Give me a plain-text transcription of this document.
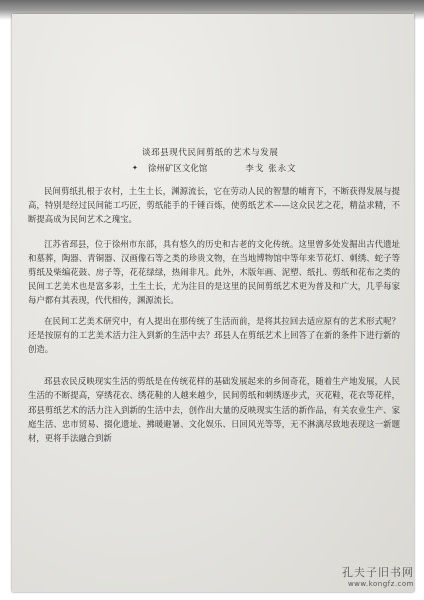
谈邳县现代民间剪纸的艺术与发展
✦ 徐州矿区文化馆	李戈 张永文

民间剪纸扎根于农村，土生土长，渊源流长，它在劳动人民的智慧的哺育下，不断获得发展与提高，特别是经过民间能工巧匠，剪纸能手的千锤百炼，使剪纸艺术——这众民艺之花，精益求精，不断提高成为民间艺术之瑰宝。

江苏省邳县，位于徐州市东部，具有悠久的历史和古老的文化传统。这里曾多处发掘出古代遗址和墓葬，陶器、青铜器、汉画像石等之类的珍贵文物，在当地博物馆中等年来节花灯、刺绣、蛇子等剪纸及柴编花鼓、房子等，花花绿绿，热闹非凡。此外，木版年画、泥塑、纸扎、剪纸和花布之类的民间工艺美术也是富多彩，土生土长，尤为注目的是这里的民间剪纸艺术更为普及和广大，几乎每家每户都有其表现，代代相传，渊源流长。

在民间工艺美术研究中，有人提出在那传统了生活而前，是将其拉回去适应原有的艺术形式呢？还是按原有的工艺美术活力注入到新的生活中去？邳县人在剪纸艺术上回答了在新的条件下进行新的创造。

邳县农民反映现实生活的剪纸是在传统花样的基础发展起来的乡间奇花，随着生产地发展，人民生活的不断提高，穿绣花衣、绣花鞋的人越来越少，民间剪纸和刺绣逐步式，灭花鞋，花衣等花样，邳县剪纸艺术的活力注入到新的生活中去，创作出大量的反映现实生活的新作品，有关农业生产、家庭生活、忠市贸易、掇化遗址、拂暖避暑、文化娱乐、日回风光等等，无不淋漓尽致地表现这一新题材，更将手法融合到新

孔夫子旧书网
www.kongfz.com
